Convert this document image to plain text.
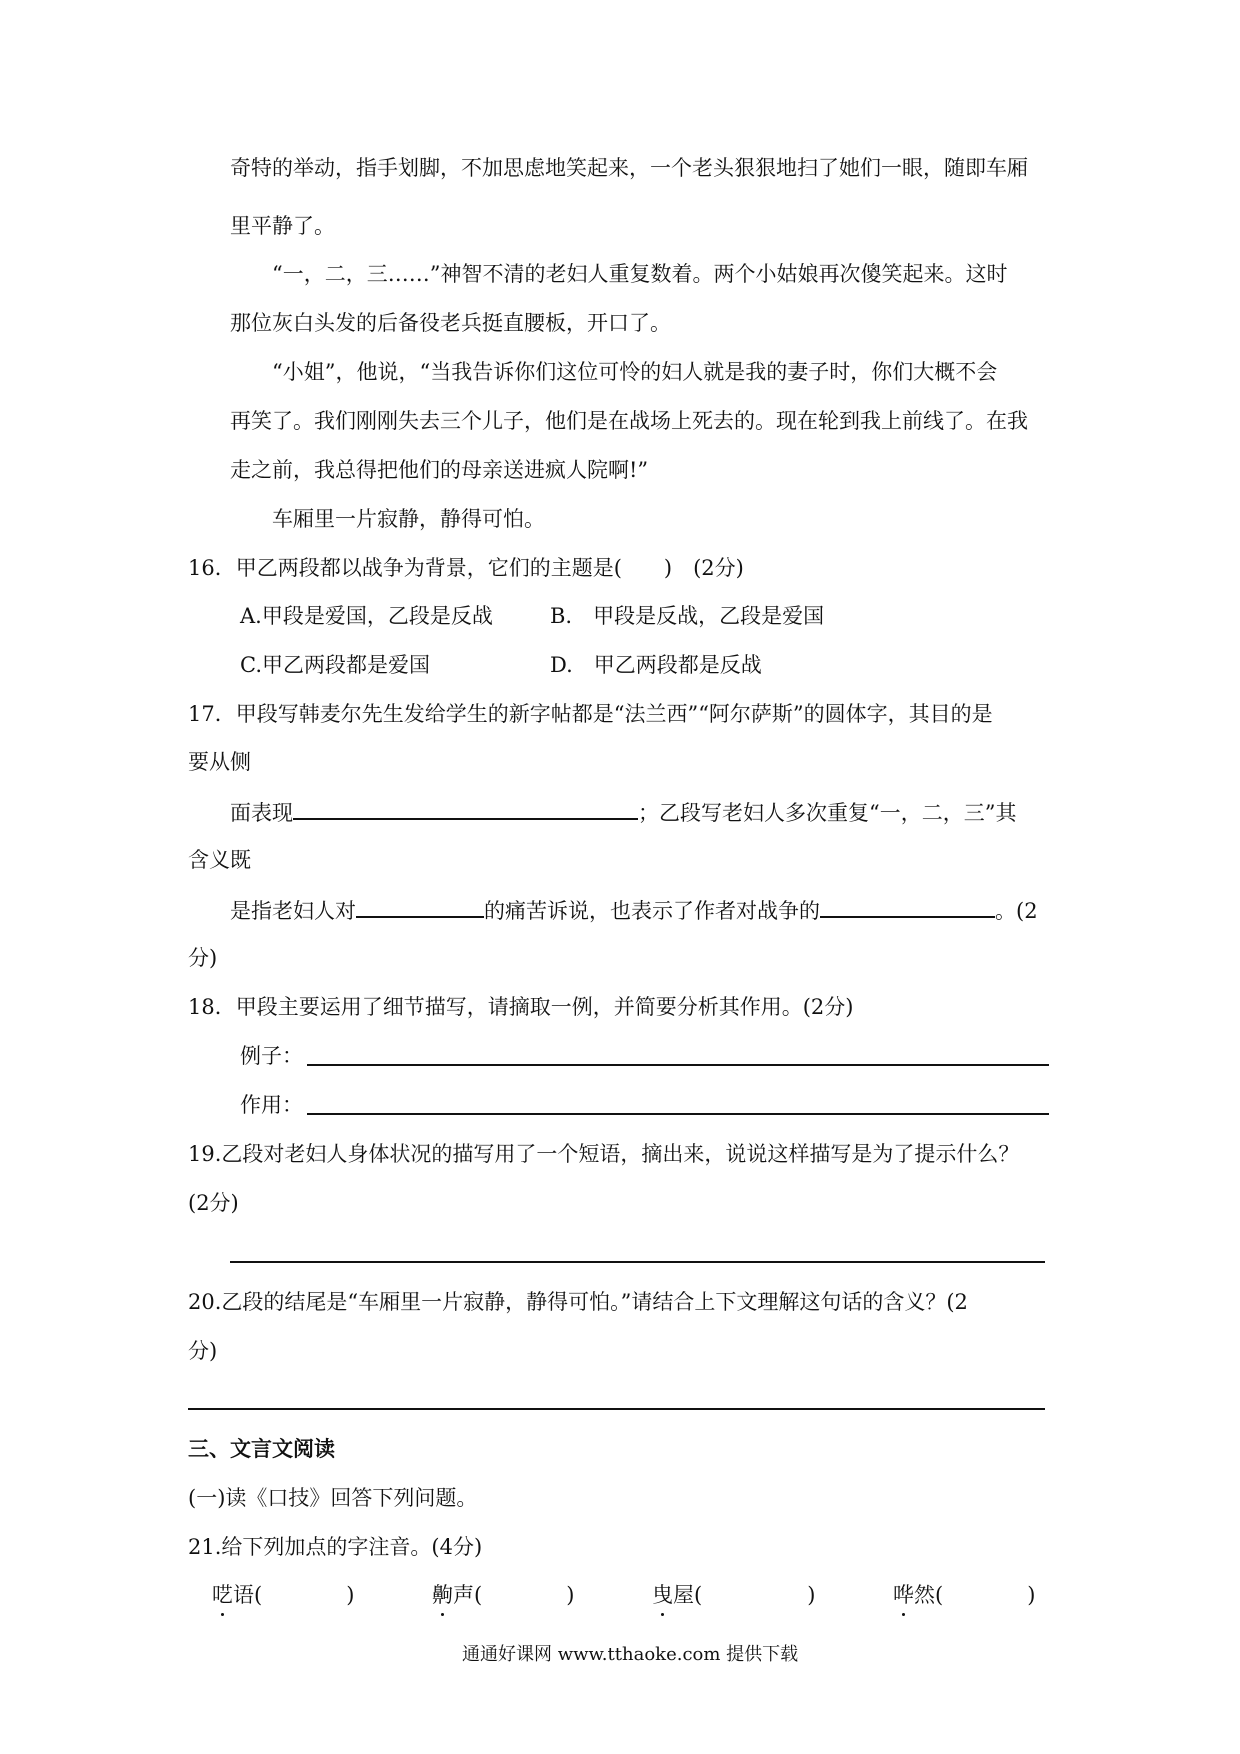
奇特的举动，指手划脚，不加思虑地笑起来，一个老头狠狠地扫了她们一眼，随即车厢
里平静了。
“一，二，三……”神智不清的老妇人重复数着。两个小姑娘再次傻笑起来。这时
那位灰白头发的后备役老兵挺直腰板，开口了。
“小姐”，他说，“当我告诉你们这位可怜的妇人就是我的妻子时，你们大概不会
再笑了。我们刚刚失去三个儿子，他们是在战场上死去的。现在轮到我上前线了。在我
走之前，我总得把他们的母亲送进疯人院啊!”
车厢里一片寂静，静得可怕。
16．甲乙两段都以战争为背景，它们的主题是(　　)　(2分)
A.甲段是爱国，乙段是反战	B.　甲段是反战，乙段是爱国
C.甲乙两段都是爱国	D.　甲乙两段都是反战
17．甲段写韩麦尔先生发给学生的新字帖都是“法兰西”“阿尔萨斯”的圆体字，其目的是
要从侧
面表现	；乙段写老妇人多次重复“一，二，三”其
含义既
是指老妇人对	的痛苦诉说，也表示了作者对战争的	。(2
分)
18．甲段主要运用了细节描写，请摘取一例，并简要分析其作用。(2分)
例子：
作用：
19.乙段对老妇人身体状况的描写用了一个短语，摘出来，说说这样描写是为了提示什么？
(2分)
20.乙段的结尾是“车厢里一片寂静，静得可怕。”请结合上下文理解这句话的含义？(2
分)
三、文言文阅读
(一)读《口技》回答下列问题。
21.给下列加点的字注音。(4分)
呓语(　　　　)	齁声(　　　　)	曳屋(　　　　　)	哗然(　　　　)
通通好课网 www.tthaoke.com 提供下载
